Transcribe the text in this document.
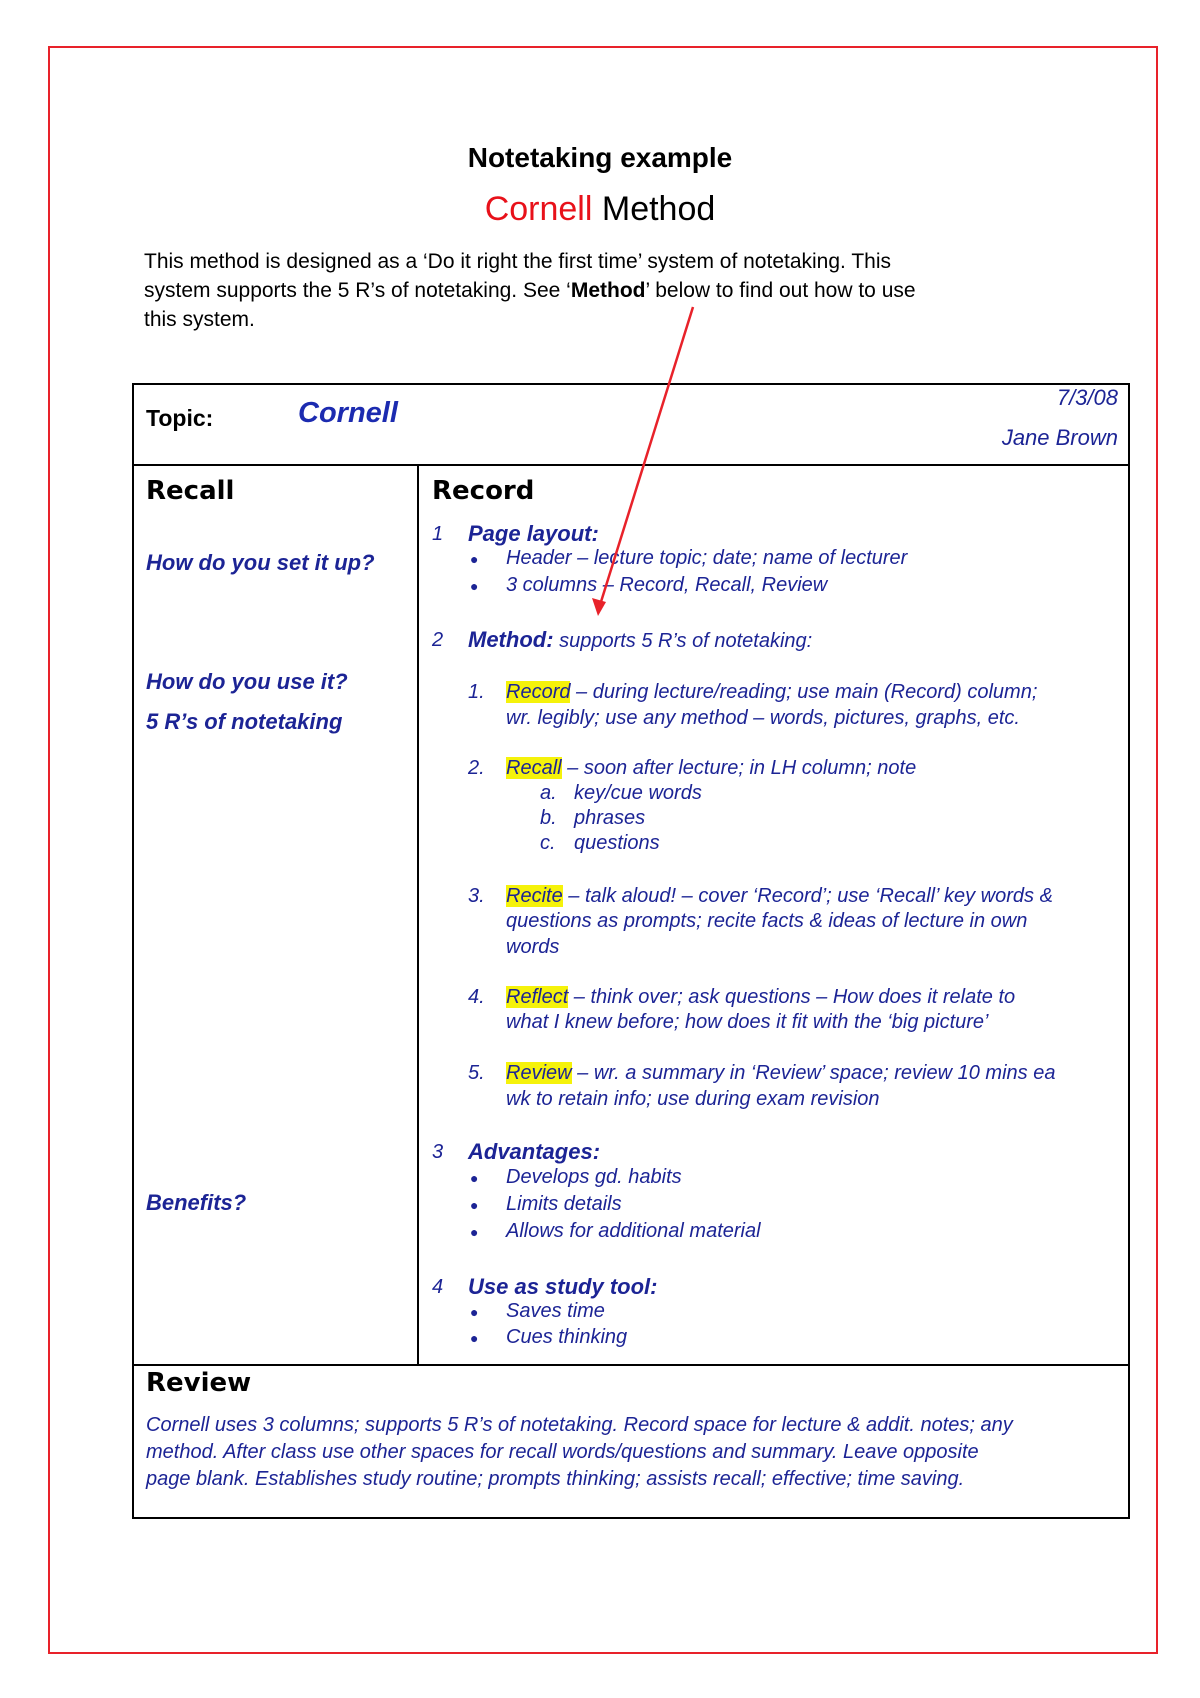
Notetaking example
Cornell Method
This method is designed as a ‘Do it right the first time’ system of notetaking. This
system supports the 5 R’s of notetaking. See ‘Method’ below to find out how to use
this system.
Topic:	Cornell	7/3/08
Jane Brown
Recall
How do you set it up?
How do you use it?
5 R’s of notetaking
Benefits?
Record
1 Page layout:
● Header – lecture topic; date; name of lecturer
● 3 columns – Record, Recall, Review
2 Method: supports 5 R’s of notetaking:
1. Record – during lecture/reading; use main (Record) column;
wr. legibly; use any method – words, pictures, graphs, etc.
2. Recall – soon after lecture; in LH column; note
a. key/cue words
b. phrases
c. questions
3. Recite – talk aloud! – cover ‘Record’; use ‘Recall’ key words &
questions as prompts; recite facts & ideas of lecture in own
words
4. Reflect – think over; ask questions – How does it relate to
what I knew before; how does it fit with the ‘big picture’
5. Review – wr. a summary in ‘Review’ space; review 10 mins ea
wk to retain info; use during exam revision
3 Advantages:
● Develops gd. habits
● Limits details
● Allows for additional material
4 Use as study tool:
● Saves time
● Cues thinking
Review
Cornell uses 3 columns; supports 5 R’s of notetaking. Record space for lecture & addit. notes; any
method. After class use other spaces for recall words/questions and summary. Leave opposite
page blank. Establishes study routine; prompts thinking; assists recall; effective; time saving.
